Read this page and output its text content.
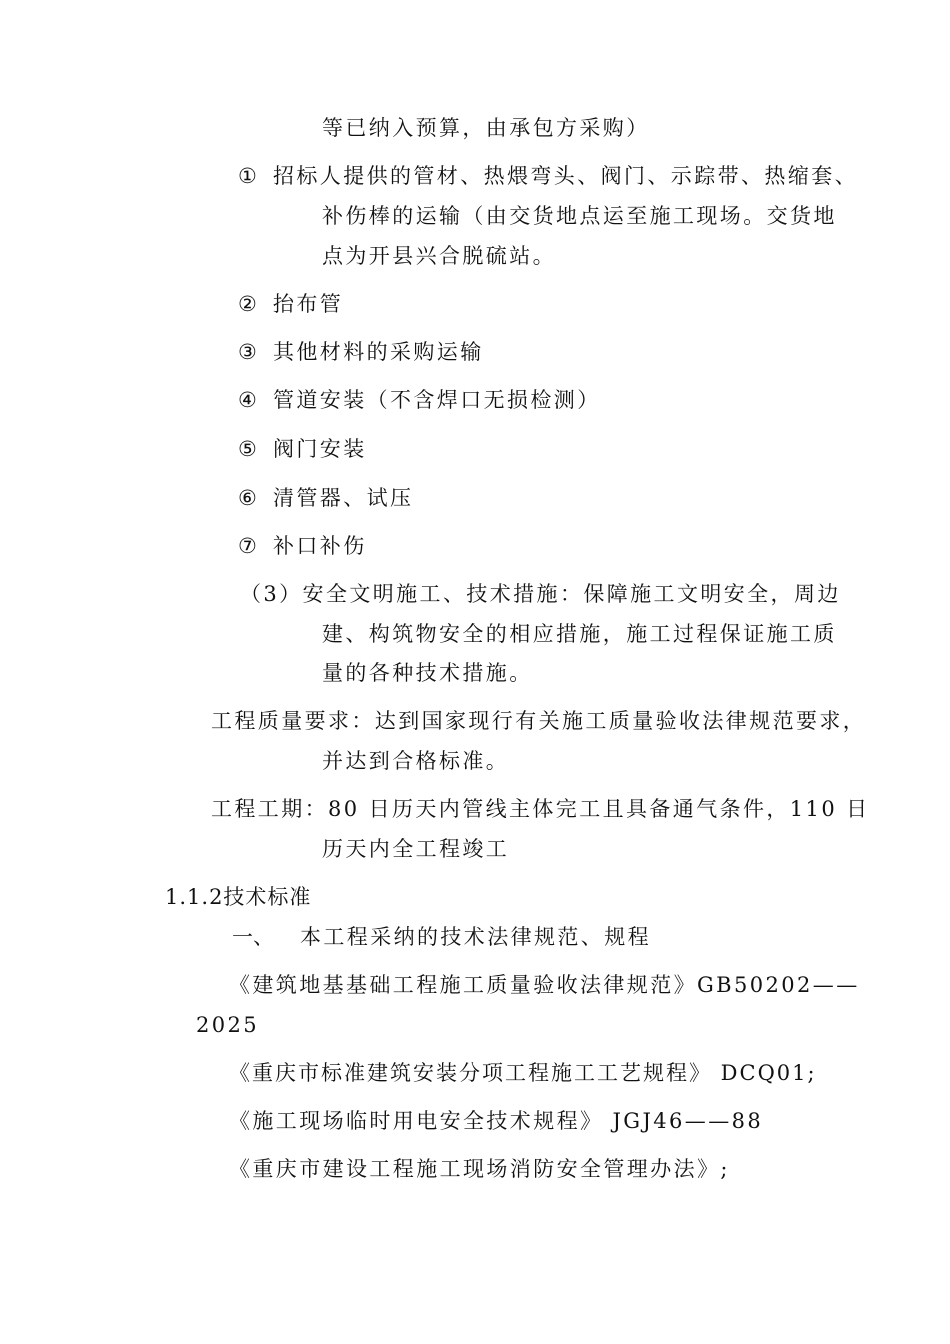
等已纳入预算，由承包方采购）
① 招标人提供的管材、热煨弯头、阀门、示踪带、热缩套、
补伤棒的运输（由交货地点运至施工现场。交货地
点为开县兴合脱硫站。
② 抬布管
③ 其他材料的采购运输
④ 管道安装（不含焊口无损检测）
⑤ 阀门安装
⑥ 清管器、试压
⑦ 补口补伤
（3）安全文明施工、技术措施：保障施工文明安全，周边
建、构筑物安全的相应措施，施工过程保证施工质
量的各种技术措施。
工程质量要求：达到国家现行有关施工质量验收法律规范要求，
并达到合格标准。
工程工期：80 日历天内管线主体完工且具备通气条件，110 日
历天内全工程竣工
1.1.2技术标准
一、 本工程采纳的技术法律规范、规程
《建筑地基基础工程施工质量验收法律规范》GB50202——
2025
《重庆市标准建筑安装分项工程施工工艺规程》 DCQ01;
《施工现场临时用电安全技术规程》 JGJ46——88
《重庆市建设工程施工现场消防安全管理办法》;
